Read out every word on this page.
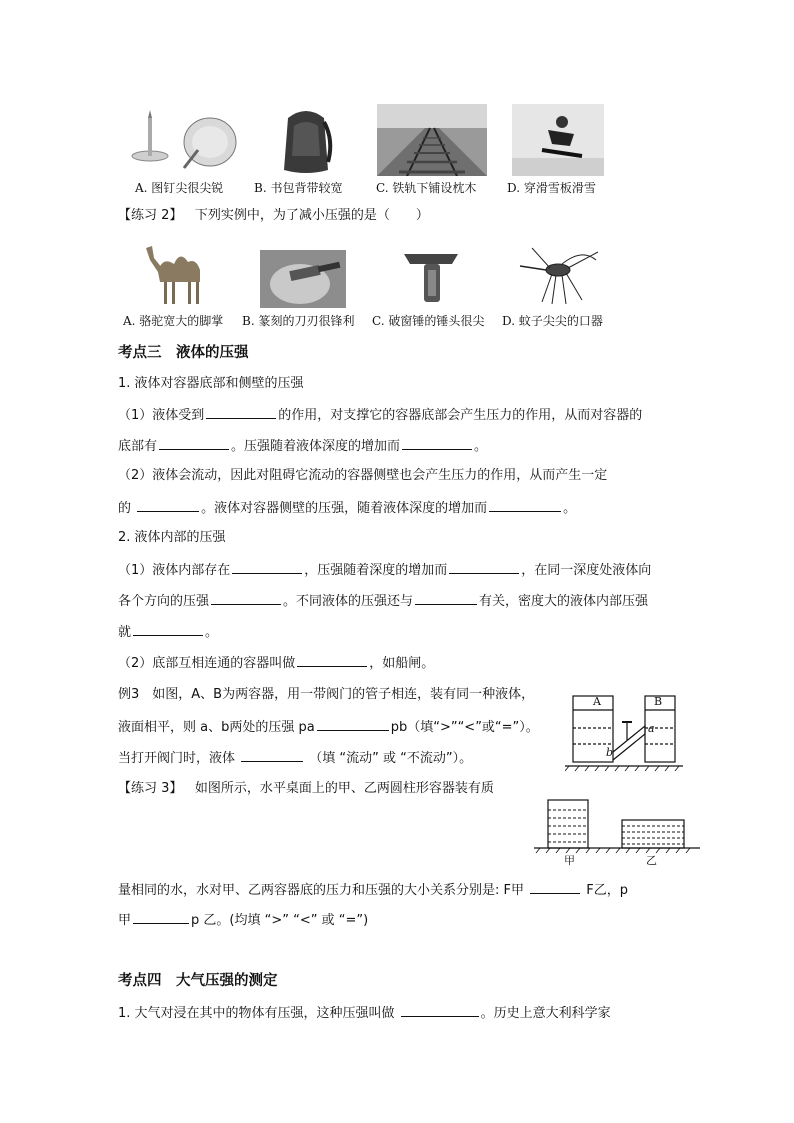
A. 图钉尖很尖锐	B. 书包背带较宽	C. 铁轨下铺设枕木	D. 穿滑雪板滑雪
【练习 2】 下列实例中，为了减小压强的是（　　）
A. 骆驼宽大的脚掌 B. 篆刻的刀刃很锋利 C. 破窗锤的锤头很尖 D. 蚊子尖尖的口器
考点三　液体的压强
1. 液体对容器底部和侧壁的压强
（1）液体受到	的作用，对支撑它的容器底部会产生压力的作用，从而对容器的
底部有	。压强随着液体深度的增加而	。
（2）液体会流动，因此对阻碍它流动的容器侧壁也会产生压力的作用，从而产生一定
的	。液体对容器侧壁的压强，随着液体深度的增加而	。
2. 液体内部的压强
（1）液体内部存在	，压强随着深度的增加而	，在同一深度处液体向
各个方向的压强	。不同液体的压强还与	有关，密度大的液体内部压强
就	。
（2）底部互相连通的容器叫做	，如船闸。
例3　如图，A、B为两容器，用一带阀门的管子相连，装有同一种液体，
液面相平，则 a、b两处的压强 pa	pb（填“>”“<”或“=”）。
当打开阀门时，液体	（填 “流动” 或 “不流动”）。
A	B
a
b
【练习 3】 如图所示，水平桌面上的甲、乙两圆柱形容器装有质
甲	乙
量相同的水，水对甲、乙两容器底的压力和压强的大小关系分别是: F甲	F乙，p
甲	p 乙。(均填 “>” “<” 或 “=”)
考点四　大气压强的测定
1. 大气对浸在其中的物体有压强，这种压强叫做	。历史上意大利科学家
